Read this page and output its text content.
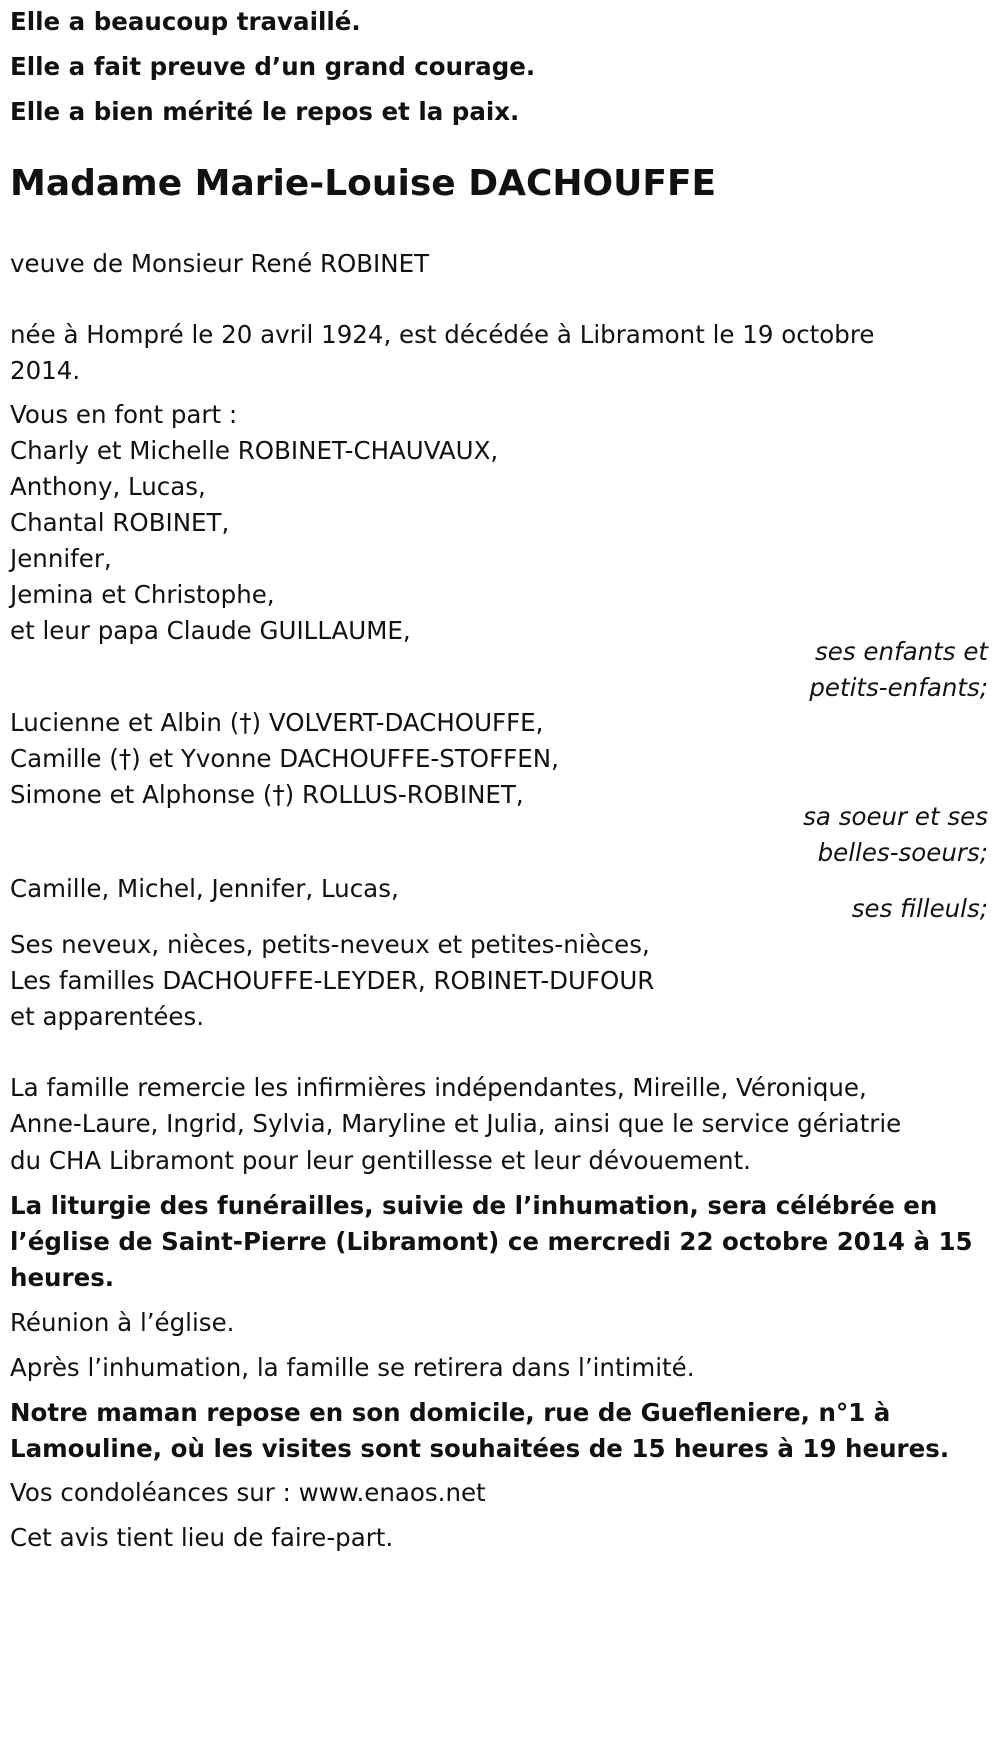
Elle a beaucoup travaillé.

Elle a fait preuve d’un grand courage.

Elle a bien mérité le repos et la paix.

Madame Marie-Louise DACHOUFFE

veuve de Monsieur René ROBINET

née à Hompré le 20 avril 1924, est décédée à Libramont le 19 octobre

2014.

Vous en font part :

Charly et Michelle ROBINET-CHAUVAUX,

Anthony, Lucas,

Chantal ROBINET,

Jennifer,

Jemina et Christophe,

et leur papa Claude GUILLAUME,

ses enfants et

petits-enfants;

Lucienne et Albin (†) VOLVERT-DACHOUFFE,

Camille (†) et Yvonne DACHOUFFE-STOFFEN,

Simone et Alphonse (†) ROLLUS-ROBINET,

sa soeur et ses

belles-soeurs;

Camille, Michel, Jennifer, Lucas,

ses filleuls;

Ses neveux, nièces, petits-neveux et petites-nièces,

Les familles DACHOUFFE-LEYDER, ROBINET-DUFOUR

et apparentées.

La famille remercie les infirmières indépendantes, Mireille, Véronique,

Anne-Laure, Ingrid, Sylvia, Maryline et Julia, ainsi que le service gériatrie

du CHA Libramont pour leur gentillesse et leur dévouement.

La liturgie des funérailles, suivie de l’inhumation, sera célébrée en

l’église de Saint-Pierre (Libramont) ce mercredi 22 octobre 2014 à 15

heures.

Réunion à l’église.

Après l’inhumation, la famille se retirera dans l’intimité.

Notre maman repose en son domicile, rue de Guefleniere, n°1 à

Lamouline, où les visites sont souhaitées de 15 heures à 19 heures.

Vos condoléances sur : www.enaos.net

Cet avis tient lieu de faire-part.
